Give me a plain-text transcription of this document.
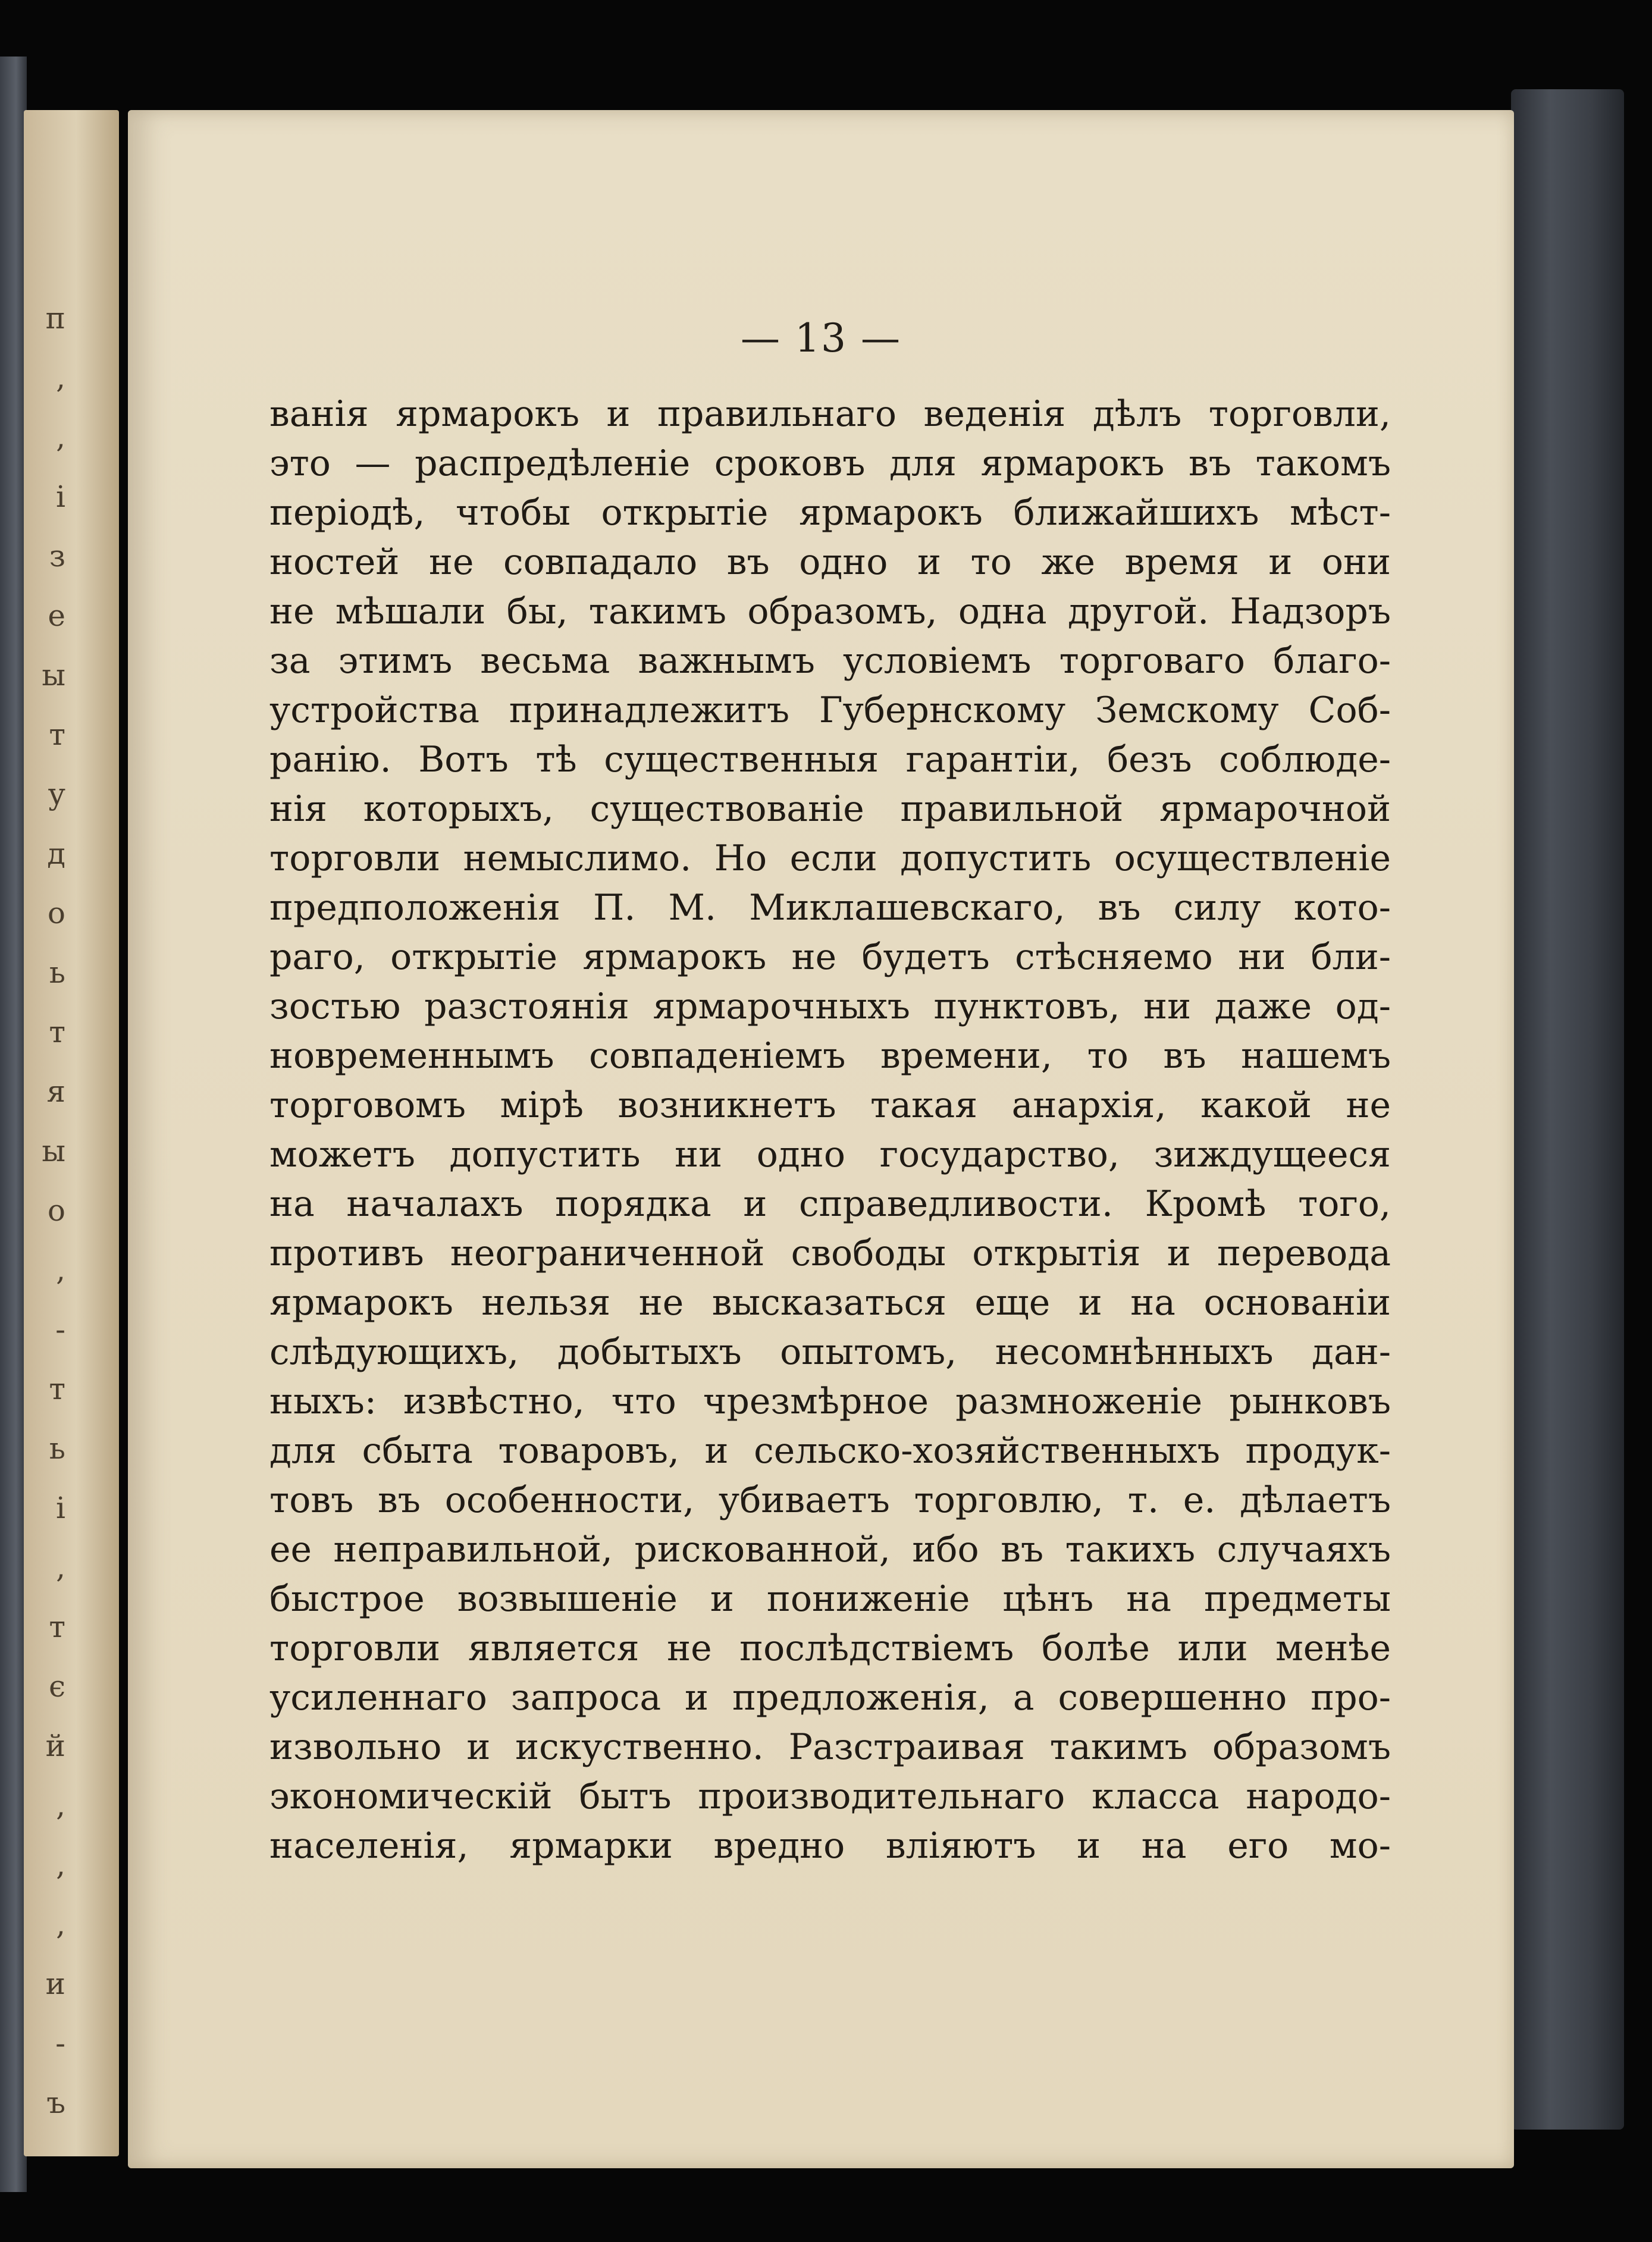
п
,
,
і
з
е
ы
т
у
д
о
ь
т
я
ы
о
,
-
т
ь
і
,
т
є
й
,
,
,
и
-
ъ
— 13 —
ванія ярмарокъ и правильнаго веденія дѣлъ торговли,
это — распредѣленіе сроковъ для ярмарокъ въ такомъ
періодѣ, чтобы открытіе ярмарокъ ближайшихъ мѣст-
ностей не совпадало въ одно и то же время и они
не мѣшали бы, такимъ образомъ, одна другой. Надзоръ
за этимъ весьма важнымъ условіемъ торговаго благо-
устройства принадлежитъ Губернскому Земскому Соб-
ранію. Вотъ тѣ существенныя гарантіи, безъ соблюде-
нія которыхъ, существованіе правильной ярмарочной
торговли немыслимо. Но если допустить осуществленіе
предположенія П. М. Миклашевскаго, въ силу кото-
раго, открытіе ярмарокъ не будетъ стѣсняемо ни бли-
зостью разстоянія ярмарочныхъ пунктовъ, ни даже од-
новременнымъ совпаденіемъ времени, то въ нашемъ
торговомъ мірѣ возникнетъ такая анархія, какой не
можетъ допустить ни одно государство, зиждущееся
на началахъ порядка и справедливости. Кромѣ того,
противъ неограниченной свободы открытія и перевода
ярмарокъ нельзя не высказаться еще и на основаніи
слѣдующихъ, добытыхъ опытомъ, несомнѣнныхъ дан-
ныхъ: извѣстно, что чрезмѣрное размноженіе рынковъ
для сбыта товаровъ, и сельско-хозяйственныхъ продук-
товъ въ особенности, убиваетъ торговлю, т. е. дѣлаетъ
ее неправильной, рискованной, ибо въ такихъ случаяхъ
быстрое возвышеніе и пониженіе цѣнъ на предметы
торговли является не послѣдствіемъ болѣе или менѣе
усиленнаго запроса и предложенія, а совершенно про-
извольно и искуственно. Разстраивая такимъ образомъ
экономическій бытъ производительнаго класса народо-
населенія, ярмарки вредно вліяютъ и на его мо-
